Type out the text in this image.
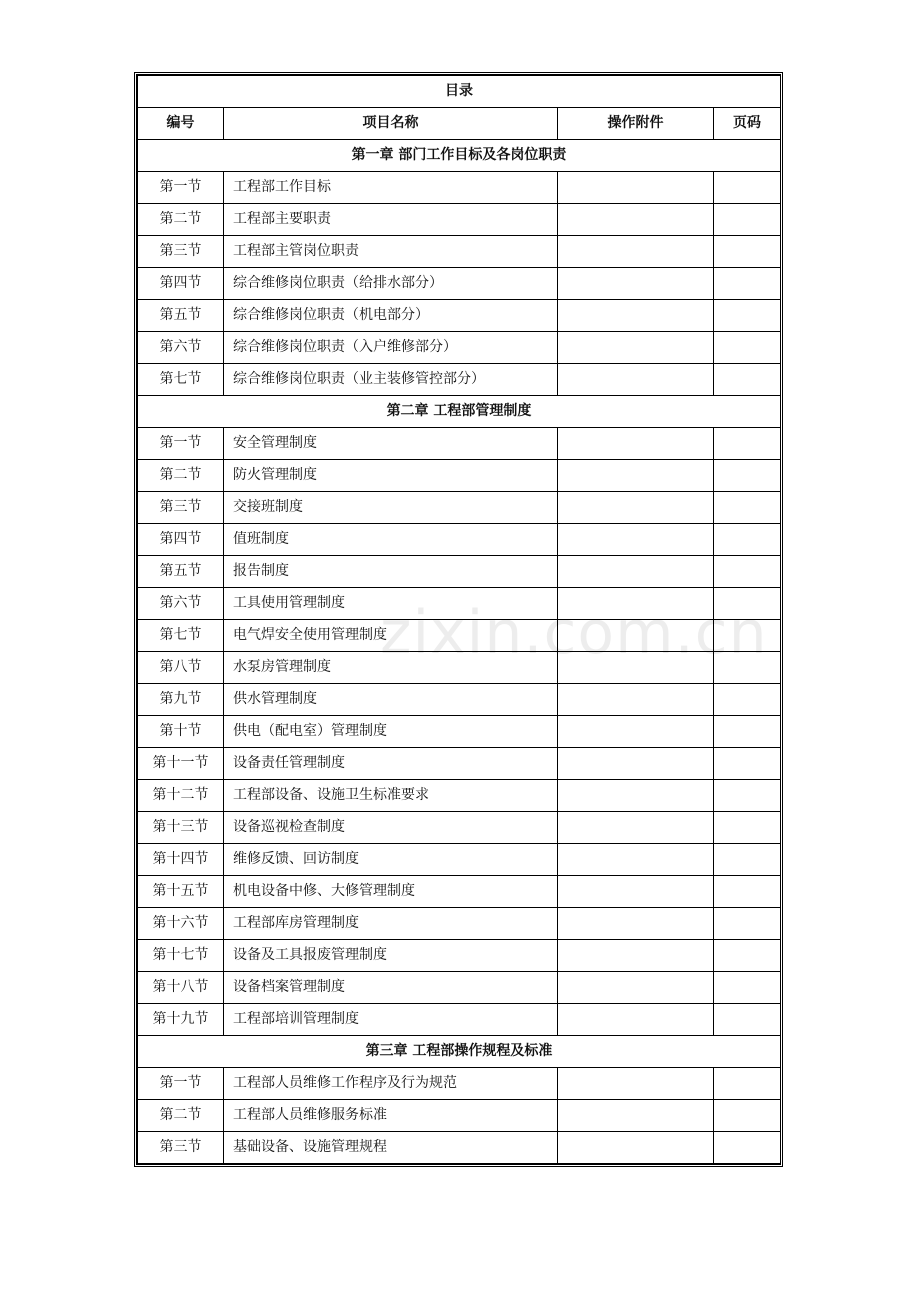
zixin.com.cn
目录			
编号	项目名称	操作附件	页码
第一章 部门工作目标及各岗位职责			
第一节	工程部工作目标		
第二节	工程部主要职责		
第三节	工程部主管岗位职责		
第四节	综合维修岗位职责（给排水部分）		
第五节	综合维修岗位职责（机电部分）		
第六节	综合维修岗位职责（入户维修部分）		
第七节	综合维修岗位职责（业主装修管控部分）		
第二章 工程部管理制度			
第一节	安全管理制度		
第二节	防火管理制度		
第三节	交接班制度		
第四节	值班制度		
第五节	报告制度		
第六节	工具使用管理制度		
第七节	电气焊安全使用管理制度		
第八节	水泵房管理制度		
第九节	供水管理制度		
第十节	供电（配电室）管理制度		
第十一节	设备责任管理制度		
第十二节	工程部设备、设施卫生标准要求		
第十三节	设备巡视检查制度		
第十四节	维修反馈、回访制度		
第十五节	机电设备中修、大修管理制度		
第十六节	工程部库房管理制度		
第十七节	设备及工具报废管理制度		
第十八节	设备档案管理制度		
第十九节	工程部培训管理制度		
第三章 工程部操作规程及标准			
第一节	工程部人员维修工作程序及行为规范		
第二节	工程部人员维修服务标准		
第三节	基础设备、设施管理规程		
